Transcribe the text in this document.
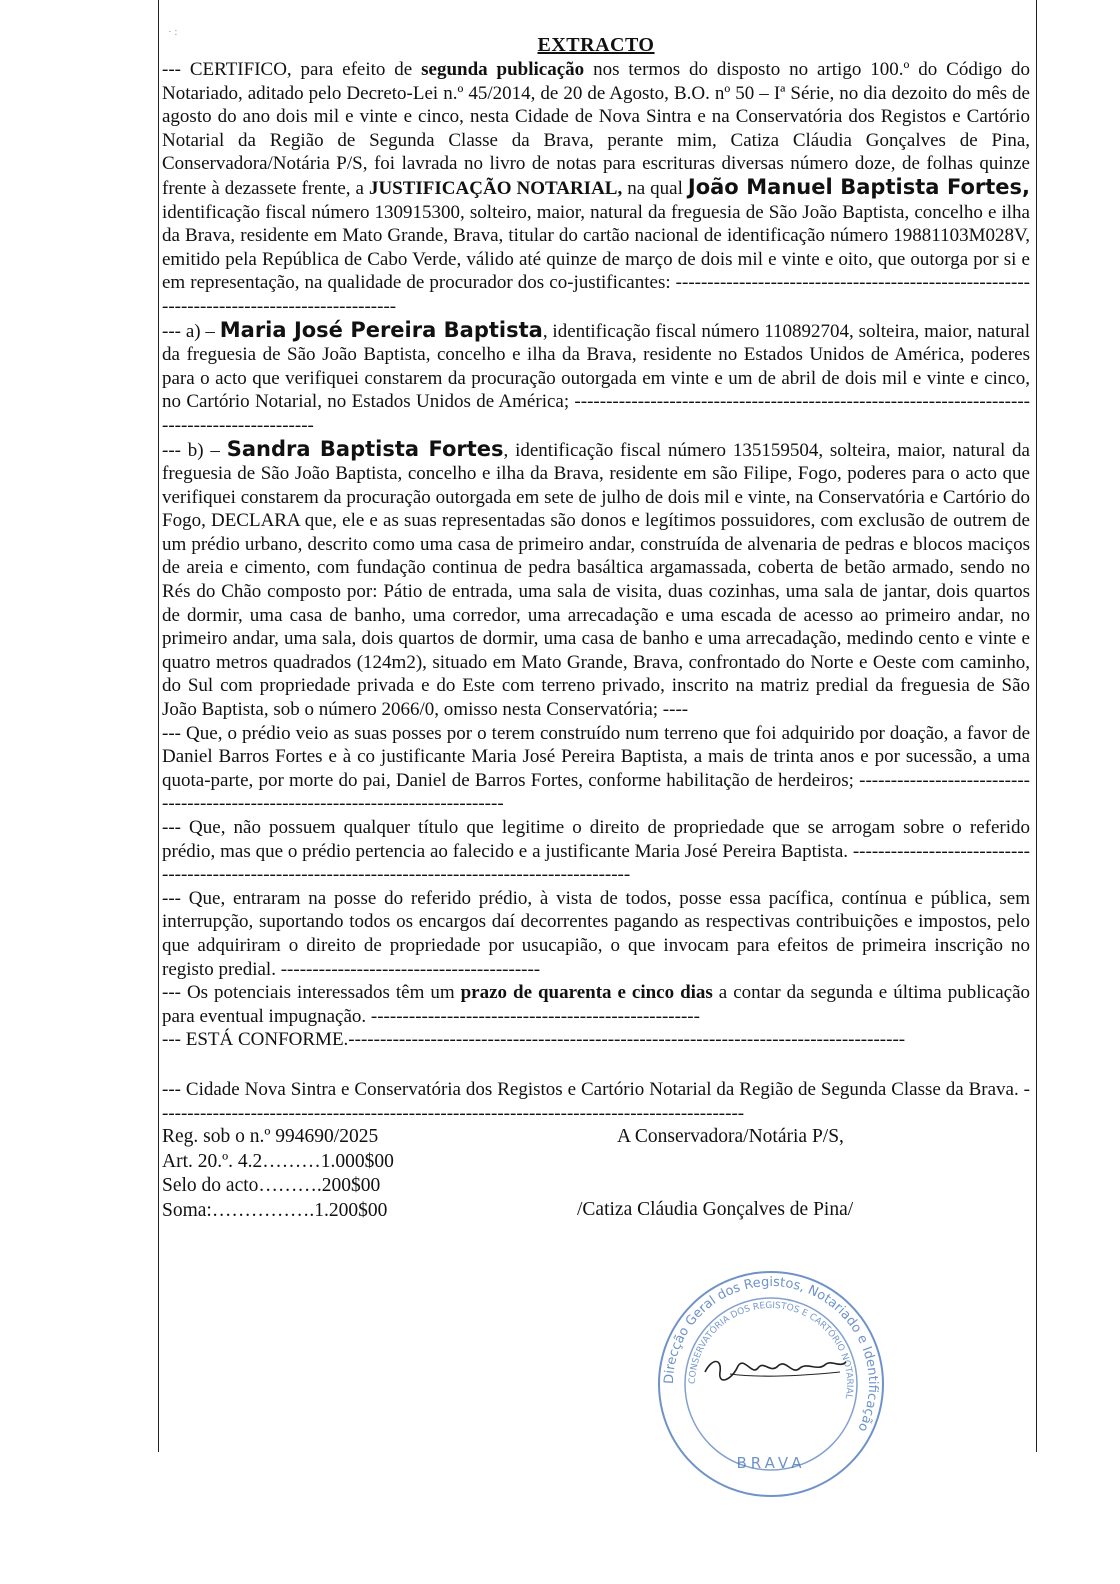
· :
EXTRACTO

--- CERTIFICO, para efeito de segunda publicação nos termos do disposto no artigo 100.º do Código do Notariado, aditado pelo Decreto-Lei n.º 45/2014, de 20 de Agosto, B.O. nº 50 – Iª Série, no dia dezoito do mês de agosto do ano dois mil e vinte e cinco, nesta Cidade de Nova Sintra e na Conservatória dos Registos e Cartório Notarial da Região de Segunda Classe da Brava, perante mim, Catiza Cláudia Gonçalves de Pina, Conservadora/Notária P/S, foi lavrada no livro de notas para escrituras diversas número doze, de folhas quinze frente à dezassete frente, a JUSTIFICAÇÃO NOTARIAL, na qual João Manuel Baptista Fortes, identificação fiscal número 130915300, solteiro, maior, natural da freguesia de São João Baptista, concelho e ilha da Brava, residente em Mato Grande, Brava, titular do cartão nacional de identificação número 19881103M028V, emitido pela República de Cabo Verde, válido até quinze de março de dois mil e vinte e oito, que outorga por si e em representação, na qualidade de procurador dos co-justificantes: ---------------------------------------------------------------------------------------------

--- a) – Maria José Pereira Baptista, identificação fiscal número 110892704, solteira, maior, natural da freguesia de São João Baptista, concelho e ilha da Brava, residente no Estados Unidos de América, poderes para o acto que verifiquei constarem da procuração outorgada em vinte e um de abril de dois mil e vinte e cinco, no Cartório Notarial, no Estados Unidos de América; ------------------------------------------------------------------------------------------------

--- b) – Sandra Baptista Fortes, identificação fiscal número 135159504, solteira, maior, natural da freguesia de São João Baptista, concelho e ilha da Brava, residente em são Filipe, Fogo, poderes para o acto que verifiquei constarem da procuração outorgada em sete de julho de dois mil e vinte, na Conservatória e Cartório do Fogo, DECLARA que, ele e as suas representadas são donos e legítimos possuidores, com exclusão de outrem de um prédio urbano, descrito como uma casa de primeiro andar, construída de alvenaria de pedras e blocos maciços de areia e cimento, com fundação continua de pedra basáltica argamassada, coberta de betão armado, sendo no Rés do Chão composto por: Pátio de entrada, uma sala de visita, duas cozinhas, uma sala de jantar, dois quartos de dormir, uma casa de banho, uma corredor, uma arrecadação e uma escada de acesso ao primeiro andar, no primeiro andar, uma sala, dois quartos de dormir, uma casa de banho e uma arrecadação, medindo cento e vinte e quatro metros quadrados (124m2), situado em Mato Grande, Brava, confrontado do Norte e Oeste com caminho, do Sul com propriedade privada e do Este com terreno privado, inscrito na matriz predial da freguesia de São João Baptista, sob o número 2066/0, omisso nesta Conservatória; ----

--- Que, o prédio veio as suas posses por o terem construído num terreno que foi adquirido por doação, a favor de Daniel Barros Fortes e à co justificante Maria José Pereira Baptista, a mais de trinta anos e por sucessão, a uma quota-parte, por morte do pai, Daniel de Barros Fortes, conforme habilitação de herdeiros; ---------------------------------------------------------------------------------

--- Que, não possuem qualquer título que legitime o direito de propriedade que se arrogam sobre o referido prédio, mas que o prédio pertencia ao falecido e a justificante Maria José Pereira Baptista. ------------------------------------------------------------------------------------------------------

--- Que, entraram na posse do referido prédio, à vista de todos, posse essa pacífica, contínua e pública, sem interrupção, suportando todos os encargos daí decorrentes pagando as respectivas contribuições e impostos, pelo que adquiriram o direito de propriedade por usucapião, o que invocam para efeitos de primeira inscrição no registo predial. -----------------------------------------

--- Os potenciais interessados têm um prazo de quarenta e cinco dias a contar da segunda e última publicação para eventual impugnação. ----------------------------------------------------

--- ESTÁ CONFORME.----------------------------------------------------------------------------------------

--- Cidade Nova Sintra e Conservatória dos Registos e Cartório Notarial da Região de Segunda Classe da Brava. ---------------------------------------------------------------------------------------------

Reg. sob o n.º 994690/2025
Art. 20.º. 4.2………1.000$00
Selo do acto……….200$00
Soma:…………….1.200$00
A Conservadora/Notária P/S,
/Catiza Cláudia Gonçalves de Pina/
Direcção Geral dos Registos, Notariado e Identificação
CONSERVATÓRIA DOS REGISTOS E CARTÓRIO NOTARIAL
BRAVA
